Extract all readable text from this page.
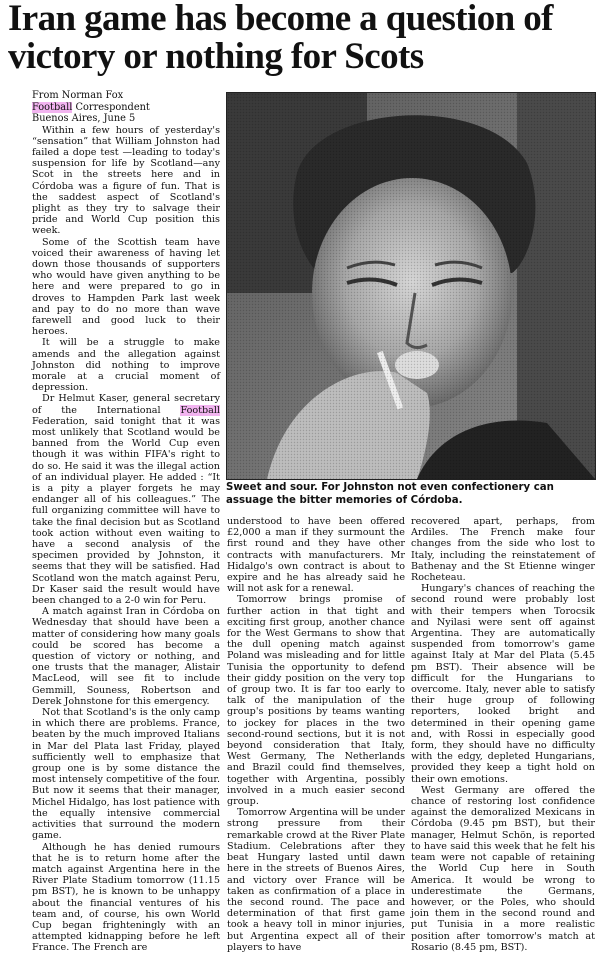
Iran game has become a question of victory or nothing for Scots

From Norman Fox

Football Correspondent

Buenos Aires, June 5

Within a few hours of yesterday's “sensation” that William Johnston had failed a dope test —leading to today's suspension for life by Scotland—any Scot in the streets here and in Córdoba was a figure of fun. That is the saddest aspect of Scotland's plight as they try to salvage their pride and World Cup position this week.

Some of the Scottish team have voiced their awareness of having let down those thousands of supporters who would have given anything to be here and were prepared to go in droves to Hampden Park last week and pay to do no more than wave farewell and good luck to their heroes.

It will be a struggle to make amends and the allegation against Johnston did nothing to improve morale at a crucial moment of depression.

Dr Helmut Kaser, general secretary of the International Football Federation, said tonight that it was most unlikely that Scotland would be banned from the World Cup even though it was within FIFA's right to do so. He said it was the illegal action of an individual player. He added : “It is a pity a player forgets he may endanger all of his colleagues.” The full organizing committee will have to take the final decision but as Scotland took action without even waiting to have a second analysis of the specimen provided by Johnston, it seems that they will be satisfied. Had Scotland won the match against Peru, Dr Kaser said the result would have been changed to a 2-0 win for Peru.

A match against Iran in Córdoba on Wednesday that should have been a matter of considering how many goals could be scored has become a question of victory or nothing, and one trusts that the manager, Alistair MacLeod, will see fit to include Gemmill, Souness, Robertson and Derek Johnstone for this emergency.

Not that Scotland's is the only camp in which there are problems. France, beaten by the much improved Italians in Mar del Plata last Friday, played sufficiently well to emphasize that group one is by some distance the most intensely competitive of the four. But now it seems that their manager, Michel Hidalgo, has lost patience with the equally intensive commercial activities that surround the modern game.

Although he has denied rumours that he is to return home after the match against Argentina here in the River Plate Stadium tomorrow (11.15 pm BST), he is known to be unhappy about the financial ventures of his team and, of course, his own World Cup began frighteningly with an attempted kidnapping before he left France. The French are

Sweet and sour. For Johnston not even confectionery can assuage the bitter memories of Córdoba.

understood to have been offered £2,000 a man if they surmount the first round and they have other contracts with manufacturers. Mr Hidalgo's own contract is about to expire and he has already said he will not ask for a renewal.

Tomorrow brings promise of further action in that tight and exciting first group, another chance for the West Germans to show that the dull opening match against Poland was misleading and for little Tunisia the opportunity to defend their giddy position on the very top of group two. It is far too early to talk of the manipulation of the group's positions by teams wanting to jockey for places in the two second-round sections, but it is not beyond consideration that Italy, West Germany, The Netherlands and Brazil could find themselves, together with Argentina, possibly involved in a much easier second group.

Tomorrow Argentina will be under strong pressure from their remarkable crowd at the River Plate Stadium. Celebrations after they beat Hungary lasted until dawn here in the streets of Buenos Aires, and victory over France will be taken as confirmation of a place in the second round. The pace and determination of that first game took a heavy toll in minor injuries, but Argentina expect all of their players to have

recovered apart, perhaps, from Ardiles. The French make four changes from the side who lost to Italy, including the reinstatement of Bathenay and the St Etienne winger Rocheteau.

Hungary's chances of reaching the second round were probably lost with their tempers when Torocsik and Nyilasi were sent off against Argentina. They are automatically suspended from tomorrow's game against Italy at Mar del Plata (5.45 pm BST). Their absence will be difficult for the Hungarians to overcome. Italy, never able to satisfy their huge group of following reporters, looked bright and determined in their opening game and, with Rossi in especially good form, they should have no difficulty with the edgy, depleted Hungarians, provided they keep a tight hold on their own emotions.

West Germany are offered the chance of restoring lost confidence against the demoralized Mexicans in Córdoba (9.45 pm BST), but their manager, Helmut Schön, is reported to have said this week that he felt his team were not capable of retaining the World Cup here in South America. It would be wrong to underestimate the Germans, however, or the Poles, who should join them in the second round and put Tunisia in a more realistic position after tomorrow's match at Rosario (8.45 pm, BST).
